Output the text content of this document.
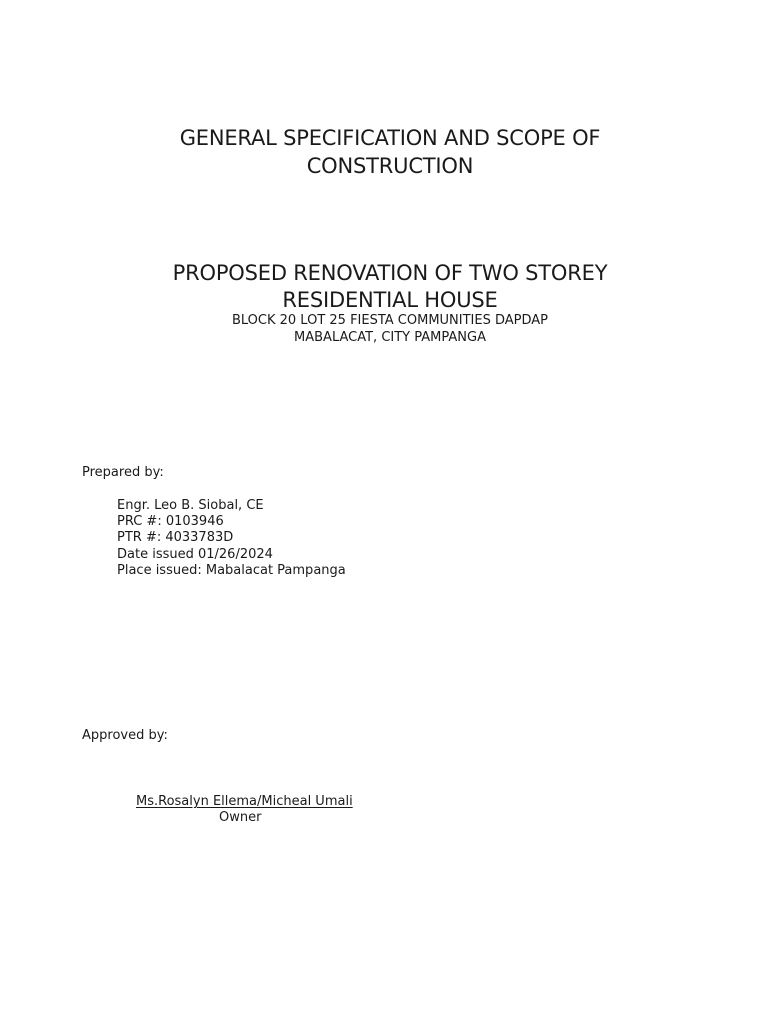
GENERAL SPECIFICATION AND SCOPE OF
CONSTRUCTION
PROPOSED RENOVATION OF TWO STOREY
RESIDENTIAL HOUSE
BLOCK 20 LOT 25 FIESTA COMMUNITIES DAPDAP
MABALACAT, CITY PAMPANGA
Prepared by:
Engr. Leo B. Siobal, CE
PRC #: 0103946
PTR #: 4033783D
Date issued 01/26/2024
Place issued: Mabalacat Pampanga
Approved by:
Ms.Rosalyn Ellema/Micheal Umali
Owner
